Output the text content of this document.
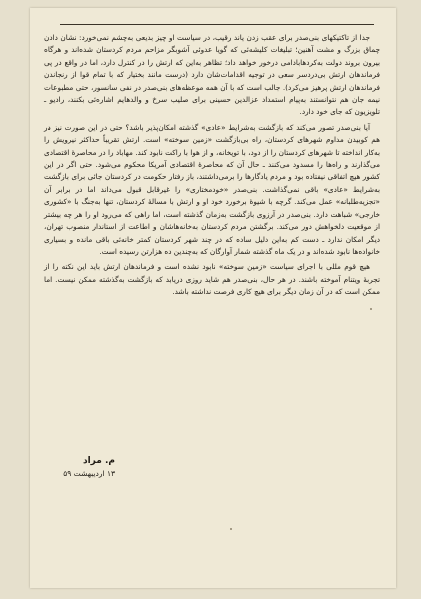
جدا از تاکتیکهای بنی‌صدر برای عقب زدن یاند رقیب، در سیاست او چیز بدیعی به‌چشم نمی‌خورد: نشان دادن چماق بزرگ و مشت آهنین؛ تبلیغات کلیشه‌ئی که گویا عدوئی آشوبگر مزاحم مردم کردستان شده‌اند و هرگاه بیرون بروند دولت به‌کردها‌بادامی درخور خواهد داد؛ تظاهر به‌این که ارتش را در کنترل دارد، اما در واقع در پی فرماندهان ارتش بی‌دردسر سعی در توجیه اقدامات‌شان دارد (درست مانند بختیار که با تمام قوا از رنجاندن فرماندهان ارتش پرهیز می‌کرد). جالب است که با آن همه موعظه‌های بنی‌صدر در نفی سانسور، حتی مطبوعات نیمه جان هم نتوانستند به‌پیام استمداد عزالدین حسینی برای صلیب سرخ و والدهایم اشاره‌ئی بکنند، رادیو ـ تلویزیون که جای خود دارد.

آیا بنی‌صدر تصور می‌کند که بازگشت به‌شرایط «عادی» گذشته امکان‌پذیر باشد؟ حتی در این صورت نیز در هم کوبیدن مداوم شهرهای کردستان، راه بی‌بازگشت «زمین سوخته» است. ارتش تقریباً حداکثر نیرویش را به‌کار انداخته تا شهرهای کردستان را از دود، با توپخانه، و از هوا با راکت نابود کند. مهاباد را در محاصرهٔ اقتصادی می‌گذارند و راه‌ها را مسدود می‌کنند ـ حال آن که محاصرهٔ اقتصادی آمریکا محکوم می‌شود. حتی اگر در این کشور هیچ اتفاقی نیفتاده بود و مردم یادگارها را برمی‌داشتند، باز رفتار حکومت در کردستان جائی برای بازگشت به‌شرایط «عادی» باقی نمی‌گذاشت. بنی‌صدر «خودمختاری» را غیرقابل قبول می‌داند اما در برابر آن «تجزیه‌طلبانه» عمل می‌کند. گرچه با شیوهٔ برخورد خود او و ارتش با مسالهٔ کردستان، تنها به‌جنگ با «کشوری خارجی» شباهت دارد. بنی‌صدر در آرزوی بازگشت به‌زمان گذشته است، اما راهی که می‌رود او را هر چه بیشتر از موقعیت دلخواهش دور می‌کند. برگشتن مردم کردستان به‌خانه‌هاشان و اطاعت از استاندار منصوب تهران، دیگر امکان ندارد ـ دست کم به‌این دلیل ساده که در چند شهر کردستان کمتر خانه‌ئی باقی مانده و بسیاری خانواده‌ها نابود شده‌اند و در یک ماه گذشته شمار آوارگان که به‌چندین ده هزارتن رسیده است.

هیچ قوم مللی با اجرای سیاست «زمین سوخته» نابود نشده است و فرماندهان ارتش باید این نکته را از تجربهٔ ویتنام آموخته باشند. در هر حال، بنی‌صدر هم شاید روزی دریابد که بازگشت به‌گذشته ممکن نیست. اما ممکن است که در آن زمان دیگر برای هیچ کاری فرصت نداشته باشد.

م. مراد
۱۳ اردیبهشت ۵۹
